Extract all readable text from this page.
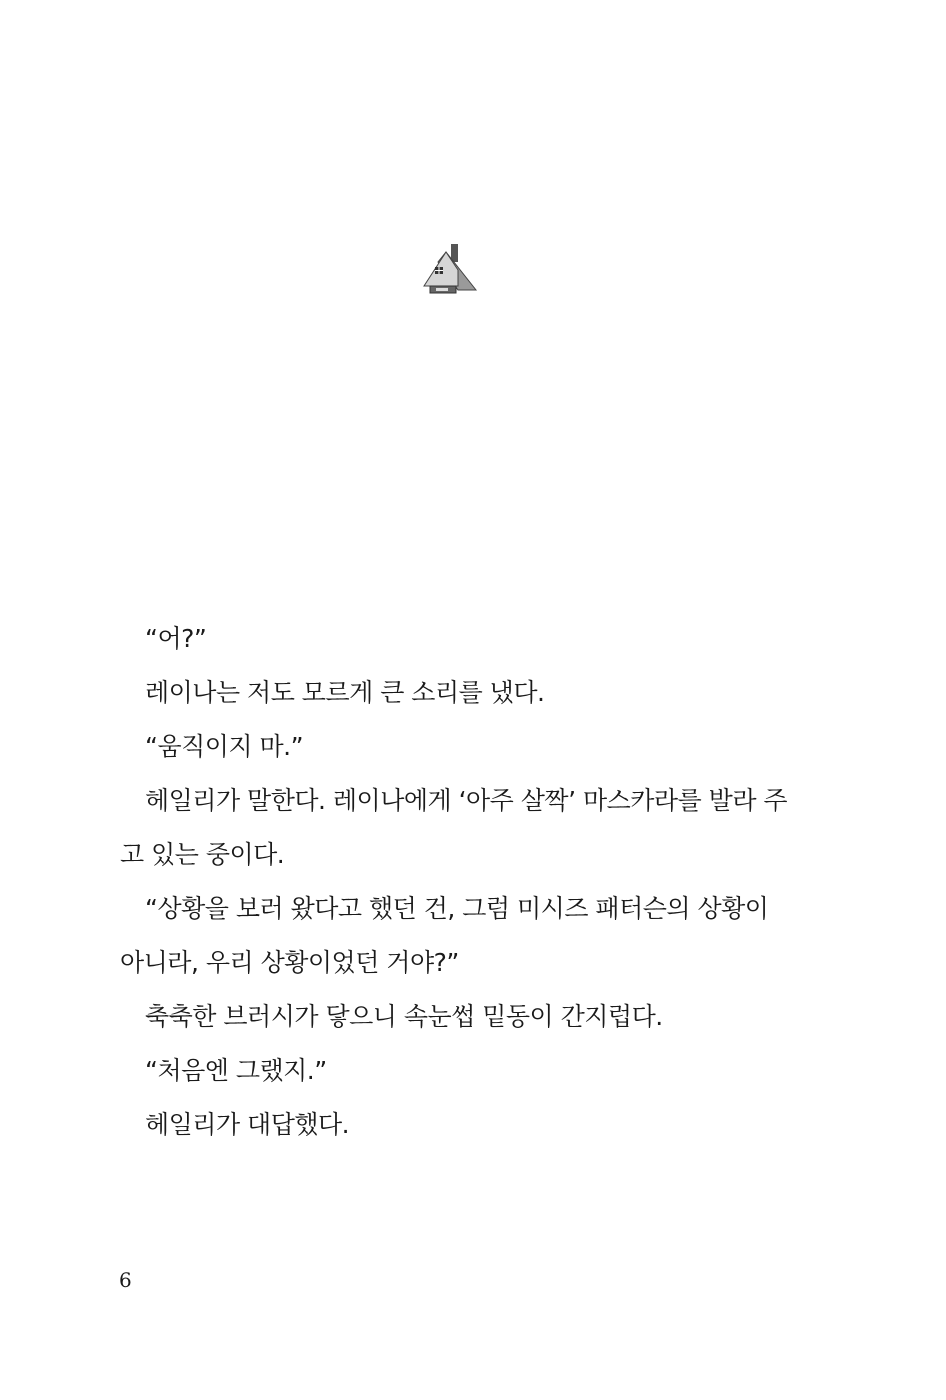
“어?”
레이나는 저도 모르게 큰 소리를 냈다.
“움직이지 마.”
헤일리가 말한다. 레이나에게 ‘아주 살짝’ 마스카라를 발라 주
고 있는 중이다.
“상황을 보러 왔다고 했던 건, 그럼 미시즈 패터슨의 상황이
아니라, 우리 상황이었던 거야?”
축축한 브러시가 닿으니 속눈썹 밑동이 간지럽다.
“처음엔 그랬지.”
헤일리가 대답했다.
6
